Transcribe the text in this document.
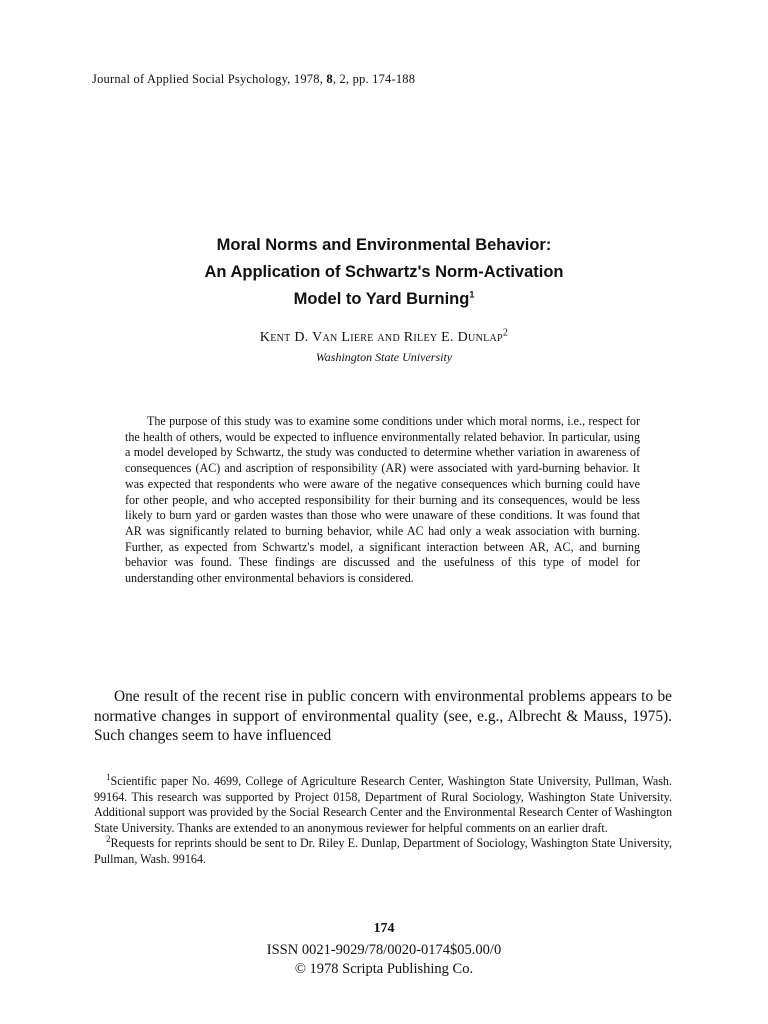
Journal of Applied Social Psychology, 1978, 8, 2, pp. 174-188
Moral Norms and Environmental Behavior:
An Application of Schwartz's Norm-Activation
Model to Yard Burning$^1$
Kent D. Van Liere and Riley E. Dunlap$^2$
Washington State University

The purpose of this study was to examine some conditions under which moral norms, i.e., respect for the health of others, would be expected to influence environmentally related behavior. In particular, using a model developed by Schwartz, the study was conducted to determine whether variation in awareness of consequences (AC) and ascription of responsibility (AR) were associated with yard-burning behavior. It was expected that respondents who were aware of the negative consequences which burning could have for other people, and who accepted responsibility for their burning and its consequences, would be less likely to burn yard or garden wastes than those who were unaware of these conditions. It was found that AR was significantly related to burning behavior, while AC had only a weak association with burning. Further, as expected from Schwartz's model, a significant interaction between AR, AC, and burning behavior was found. These findings are discussed and the usefulness of this type of model for understanding other environmental behaviors is considered.

One result of the recent rise in public concern with environmental problems appears to be normative changes in support of environmental quality (see, e.g., Albrecht & Mauss, 1975). Such changes seem to have influenced

$^1$Scientific paper No. 4699, College of Agriculture Research Center, Washington State University, Pullman, Wash. 99164. This research was supported by Project 0158, Department of Rural Sociology, Washington State University. Additional support was provided by the Social Research Center and the Environmental Research Center of Washington State University. Thanks are extended to an anonymous reviewer for helpful comments on an earlier draft.

$^2$Requests for reprints should be sent to Dr. Riley E. Dunlap, Department of Sociology, Washington State University, Pullman, Wash. 99164.

174
ISSN 0021-9029/78/0020-0174$05.00/0
© 1978 Scripta Publishing Co.
